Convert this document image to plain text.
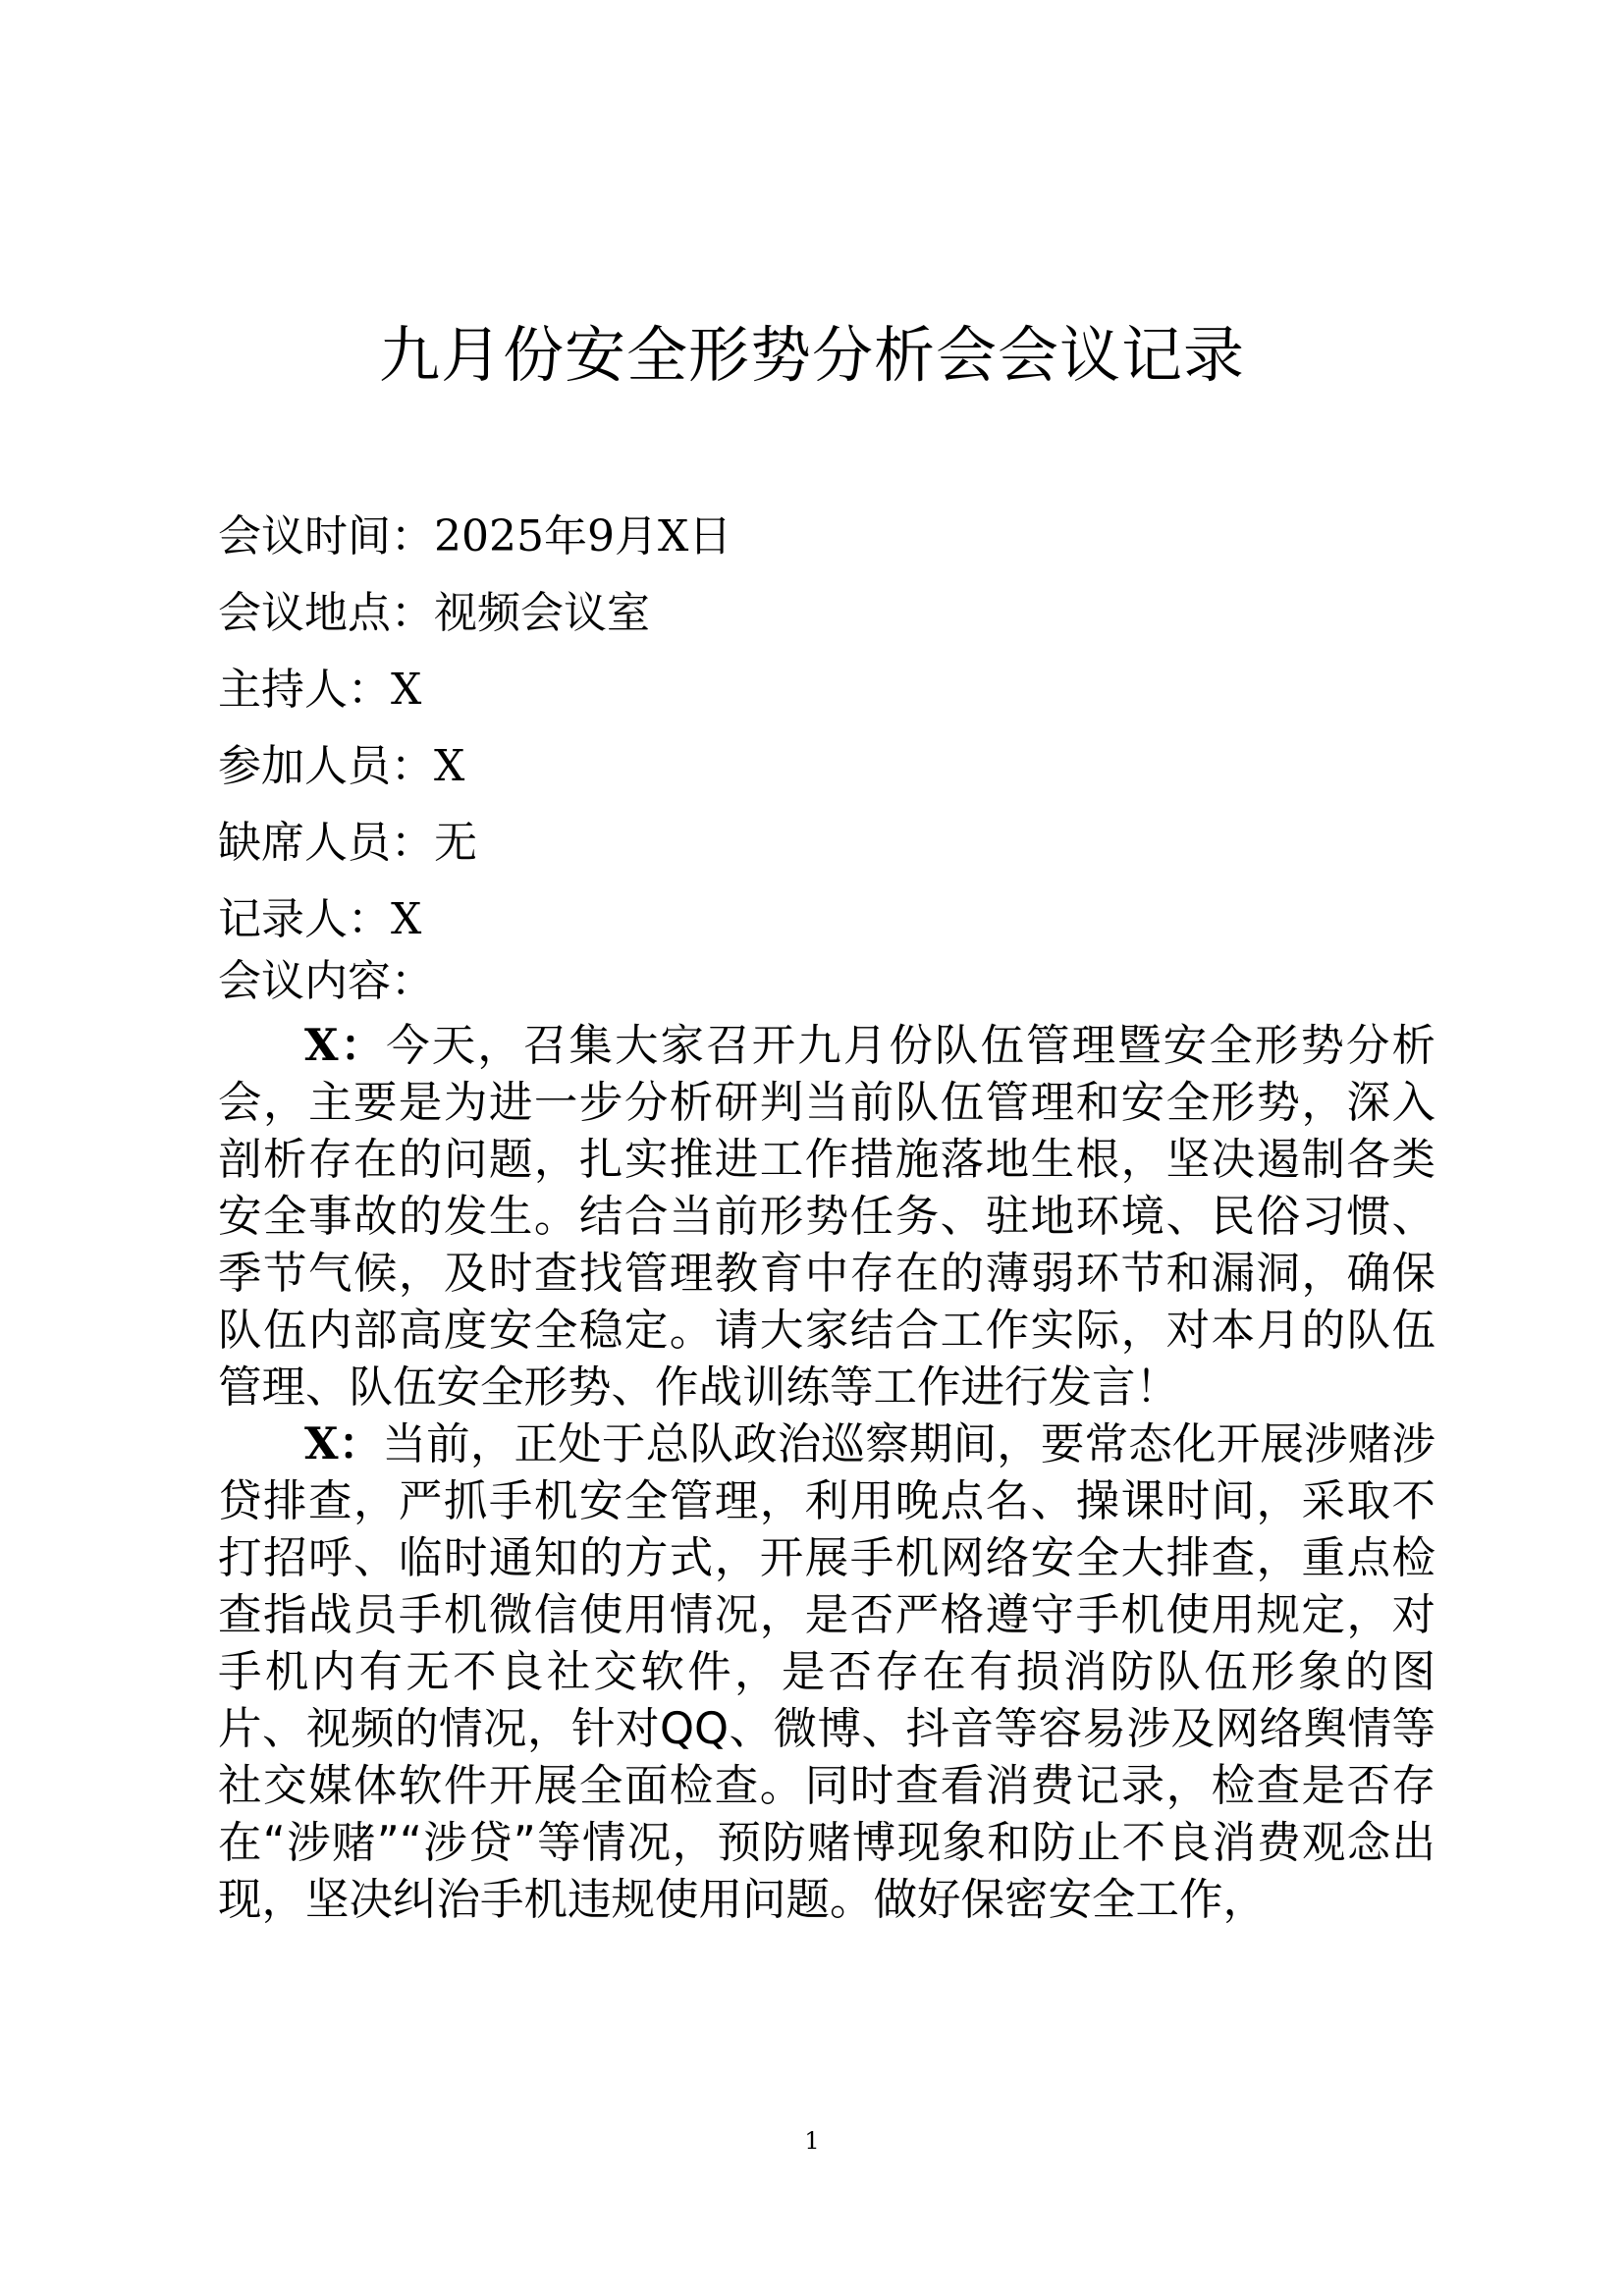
九月份安全形势分析会会议记录
会议时间：2025年9月X日
会议地点：视频会议室
主持人：X
参加人员：X
缺席人员：无
记录人：X
会议内容：
X：今天，召集大家召开九月份队伍管理暨安全形势分析会，主要是为进一步分析研判当前队伍管理和安全形势，深入剖析存在的问题，扎实推进工作措施落地生根，坚决遏制各类安全事故的发生。结合当前形势任务、驻地环境、民俗习惯、季节气候，及时查找管理教育中存在的薄弱环节和漏洞，确保队伍内部高度安全稳定。请大家结合工作实际，对本月的队伍管理、队伍安全形势、作战训练等工作进行发言！
X：当前，正处于总队政治巡察期间，要常态化开展涉赌涉贷排查，严抓手机安全管理，利用晚点名、操课时间，采取不打招呼、临时通知的方式，开展手机网络安全大排查，重点检查指战员手机微信使用情况，是否严格遵守手机使用规定，对手机内有无不良社交软件，是否存在有损消防队伍形象的图片、视频的情况，针对QQ、微博、抖音等容易涉及网络舆情等社交媒体软件开展全面检查。同时查看消费记录，检查是否存在“涉赌”“涉贷”等情况，预防赌博现象和防止不良消费观念出现，坚决纠治手机违规使用问题。做好保密安全工作，
1
